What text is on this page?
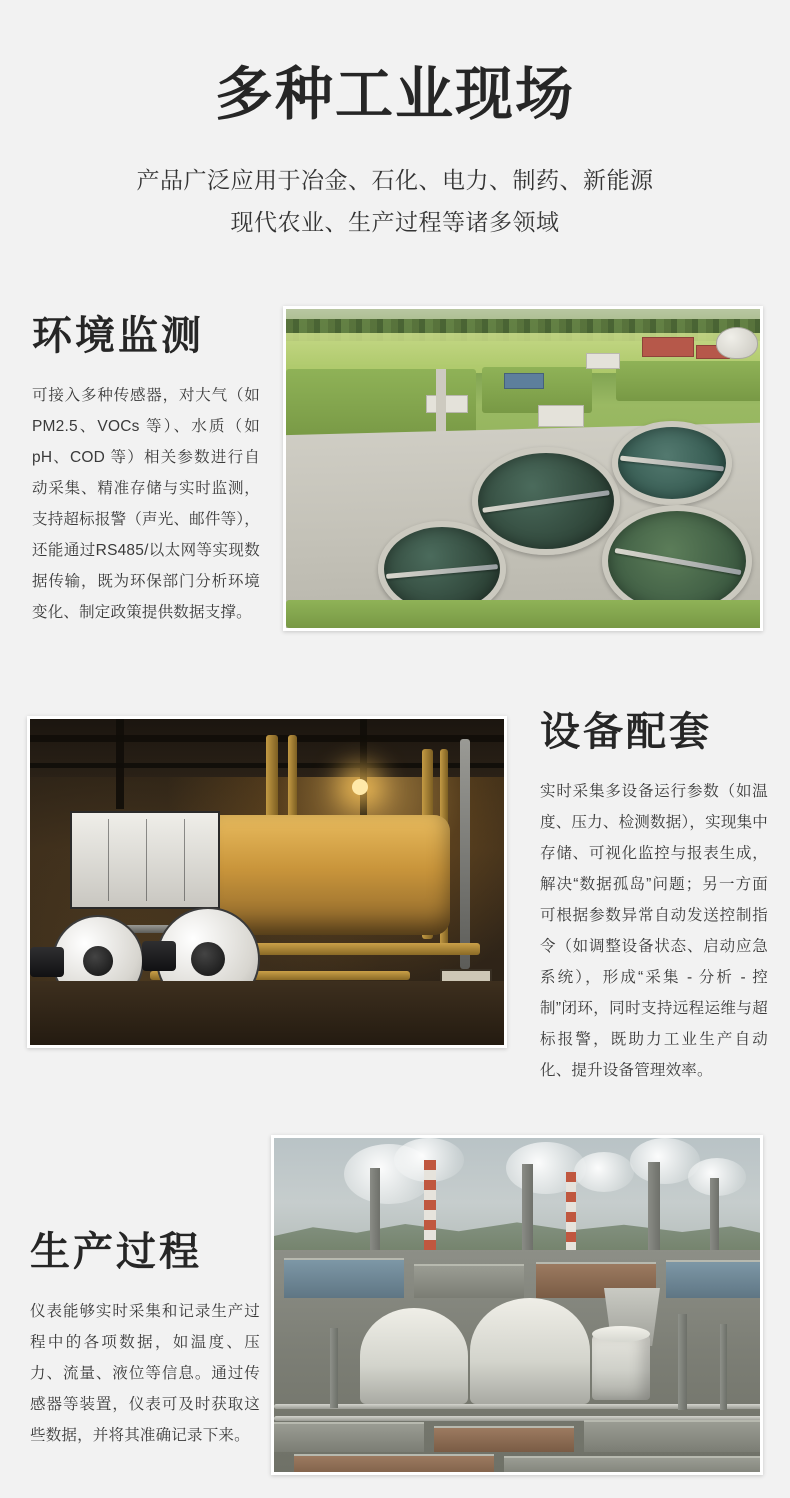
多种工业现场
产品广泛应用于冶金、石化、电力、制药、新能源
现代农业、生产过程等诸多领域
环境监测
可接入多种传感器，对大气（如 PM2.5、VOCs 等）、水质（如 pH、COD 等）相关参数进行自动采集、精准存储与实时监测，支持超标报警（声光、邮件等），还能通过RS485/以太网等实现数据传输，既为环保部门分析环境变化、制定政策提供数据支撑。
设备配套
实时采集多设备运行参数（如温度、压力、检测数据），实现集中存储、可视化监控与报表生成，解决“数据孤岛”问题；另一方面可根据参数异常自动发送控制指令（如调整设备状态、启动应急系统），形成“采集 - 分析 - 控制”闭环，同时支持远程运维与超标报警，既助力工业生产自动化、提升设备管理效率。
生产过程
仪表能够实时采集和记录生产过程中的各项数据，如温度、压力、流量、液位等信息。通过传感器等装置，仪表可及时获取这些数据，并将其准确记录下来。
